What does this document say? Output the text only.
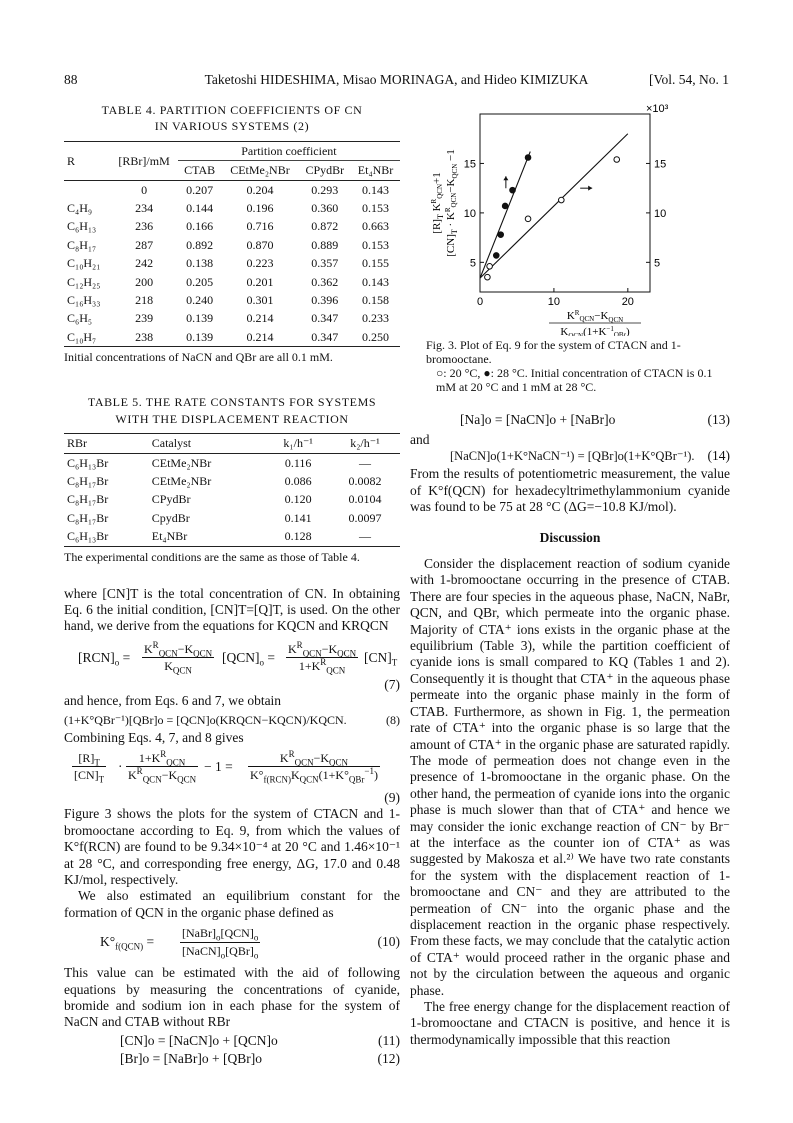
88	Taketoshi HIDESHIMA, Misao MORINAGA, and Hideo KIMIZUKA	[Vol. 54, No. 1
TABLE 4. PARTITION COEFFICIENTS OF CN
IN VARIOUS SYSTEMS (2)
R	[RBr]/mM	Partition coefficient			
		CTAB	CEtMe₂NBr	CPydBr	Et₄NBr
	0	0.207	0.204	0.293	0.143
C₄H₉	234	0.144	0.196	0.360	0.153
C₆H₁₃	236	0.166	0.716	0.872	0.663
C₈H₁₇	287	0.892	0.870	0.889	0.153
C₁₀H₂₁	242	0.138	0.223	0.357	0.155
C₁₂H₂₅	200	0.205	0.201	0.362	0.143
C₁₆H₃₃	218	0.240	0.301	0.396	0.158
C₆H₅	239	0.139	0.214	0.347	0.233
C₁₀H₇	238	0.139	0.214	0.347	0.250
Initial concentrations of NaCN and QBr are all 0.1 mM.
TABLE 5. THE RATE CONSTANTS FOR SYSTEMS
WITH THE DISPLACEMENT REACTION
RBr	Catalyst	k₁/h⁻¹	k₂/h⁻¹
C₆H₁₃Br	CEtMe₂NBr	0.116	—
C₈H₁₇Br	CEtMe₂NBr	0.086	0.0082
C₈H₁₇Br	CPydBr	0.120	0.0104
C₈H₁₇Br	CpydBr	0.141	0.0097
C₆H₁₃Br	Et₄NBr	0.128	—
The experimental conditions are the same as those of Table 4.

where [CN]T is the total concentration of CN. In obtaining Eq. 6 the initial condition, [CN]T=[Q]T, is used. On the other hand, we derive from the equations for KQCN and KRQCN

$[RCN]_o$ =
$K^R_{QCN}-K_{QCN}$
$K_{QCN}$
$[QCN]_o$ =
$K^R_{QCN}-K_{QCN}$
$1+K^R_{QCN}$
$[CN]_T$
(7)

and hence, from Eqs. 6 and 7, we obtain

(1+K°QBr⁻¹)[QBr]o = [QCN]o(KRQCN−KQCN)/KQCN.	(8)

Combining Eqs. 4, 7, and 8 gives

$\frac{[R]_T}{[CN]_T}$ ·
$1+K^R_{QCN}$
$K^R_{QCN}-K_{QCN}$
− 1 =
$K^R_{QCN}-K_{QCN}$
$K^\circ_{f(RCN)}K_{QCN}(1+K^\circ_{QBr}^{-1})$
(9)

Figure 3 shows the plots for the system of CTACN and 1-bromooctane according to Eq. 9, from which the values of K°f(RCN) are found to be 9.34×10⁻⁴ at 20 °C and 1.46×10⁻¹ at 28 °C, and corresponding free energy, ΔG, 17.0 and 0.48 KJ/mol, respectively.

We also estimated an equilibrium constant for the formation of QCN in the organic phase defined as

$K^\circ_{f(QCN)}$ =
$[NaBr]_o[QCN]_o$
$[NaCN]_o[QBr]_o$
(10)

This value can be estimated with the aid of following equations by measuring the concentrations of cyanide, bromide and sodium ion in each phase for the system of NaCN and CTAB without RBr

[CN]o = [NaCN]o + [QCN]o	(11)
[Br]o = [NaBr]o + [QBr]o	(12)
×10³
0	10	20
5	5
10	10
15	15
$[R]_T$ $K^R_{QCN}+1$
$[CN]_T \cdot K^R_{QCN}-K_{QCN} -1$
$K^R_{QCN}-K_{QCN}$
$K_{QCN}(1+K^{-1}_{QBr})$
Fig. 3. Plot of Eq. 9 for the system of CTACN and 1-bromooctane.
○: 20 °C, ●: 28 °C. Initial concentration of CTACN is 0.1 mM at 20 °C and 1 mM at 28 °C.
[Na]o = [NaCN]o + [NaBr]o	(13)
and
[NaCN]o(1+K°NaCN⁻¹) = [QBr]o(1+K°QBr⁻¹). (14)

From the results of potentiometric measurement, the value of K°f(QCN) for hexadecyltrimethylammonium cyanide was found to be 75 at 28 °C (ΔG=−10.8 KJ/mol).

Discussion

Consider the displacement reaction of sodium cyanide with 1-bromooctane occurring in the presence of CTAB. There are four species in the aqueous phase, NaCN, NaBr, QCN, and QBr, which permeate into the organic phase. Majority of CTA⁺ ions exists in the organic phase at the equilibrium (Table 3), while the partition coefficient of cyanide ions is small compared to KQ (Tables 1 and 2). Consequently it is thought that CTA⁺ in the aqueous phase permeate into the organic phase mainly in the form of CTAB. Furthermore, as shown in Fig. 1, the permeation rate of CTA⁺ into the organic phase is so large that the amount of CTA⁺ in the organic phase are saturated rapidly. The mode of permeation does not change even in the presence of 1-bromooctane in the organic phase. On the other hand, the permeation of cyanide ions into the organic phase is much slower than that of CTA⁺ and hence we may consider the ionic exchange reaction of CN⁻ by Br⁻ at the interface as the counter ion of CTA⁺ as was suggested by Makosza et al.²⁾ We have two rate constants for the system with the displacement reaction of 1-bromooctane and CN⁻ and they are attributed to the permeation of CN⁻ into the organic phase and the displacement reaction in the organic phase respectively. From these facts, we may conclude that the catalytic action of CTA⁺ would proceed rather in the organic phase and not by the circulation between the aqueous and organic phase.

The free energy change for the displacement reaction of 1-bromooctane and CTACN is positive, and hence it is thermodynamically impossible that this reaction
